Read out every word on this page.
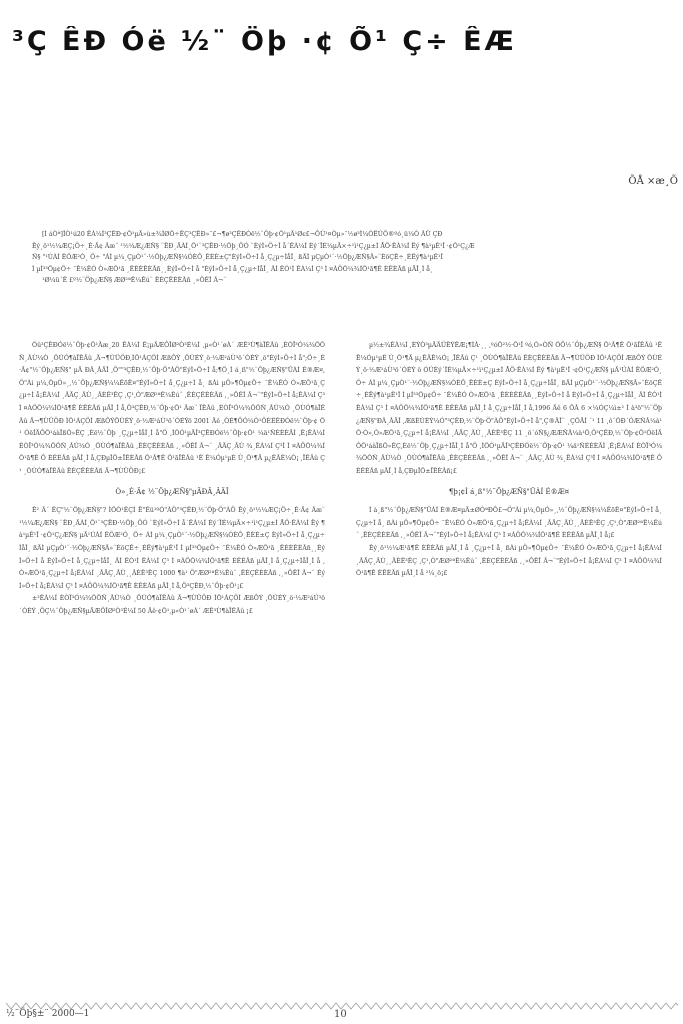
³Ç ÊÐ Óë ½¨ Öþ ·¢ Õ¹ Ç÷ ÊÆ
ÕÅ ×æ¸Õ
[Ì áÒª]ÎÒ¹ú20 ÊÀ¼Í³ÇÊÐ·¢Õ¹µÄ»ù±¾ÌØÕ÷ÊÇ³ÇÊÐ»¯£¬¶ø³ÇÊÐÓë½¨Öþ·¢Õ¹µÄ¹Øϵ£¬ÔÚ¹¤Òµ»¯½ø³Ì¼ÓËÙÖ®ºó¸ü¼Ó ÃÜ ÇÐ
Êý¸ö¹½¼ÆÇ¡Ö÷¸É·Ä¢ Ãæ¨ ¹½¼Æ¿ÆÑ§ ¨ÊÐ¸ÄÀÍ¸Õ¹¨³ÇÊÐ·½Õþ¸ÖÓ ¨ÈýÌ»Ö÷Ì å´ÊÀ¼Í Èý´ÎÉ¼µÄ×÷¹ì¹Ç¿µ±Ì ÅÖ·ÊÀ¼Í Ëý ¶à¹µÊ¹Î ·¢Õ¹Ç¿Æ
Ñ§ "¹ÚÀÍ ÊÖÆ²Ò¸ Ö÷ "ÁÌ µ¼¸ÇµÒ¹¨·½Õþ¿ÆÑ§¼ÓÈÔ¸ÊÈÈ±Ç"ÈýÌ»Ö÷Ì å¸Ç¿µ÷ÌåÎ¸ ßÄÌ µÇµÒ¹¨·½Õþ¿ÆÑ§Ã»¨ÈöÇÊ÷¸ÉËý¶à¹µÊ¹Î
Ì µÍ³³Õµ¢Ö÷ ¯Ê¼ÊÓ Ò»ÆÕ¹ã ¸ÊÈÈÊÈÃñ¸¸ÈýÌ»Ö÷Ì å "ÈýÌ»Ö÷Ì å¸Ç¿µ÷ÌåÎ¸ ÃÌ ÊÓ¹Ì ÊÀ¼Í Ç³ Ì ¤ÀÖÕ¼¾ÍÕ¹ã¶Ê ÈÊÈÃñ µÄÎ¸Ì å¸
¹Ø¼ü´Ê £º½¨Öþ¿ÆÑ§ ÆØ²ªÊ¼Êú¨ ÊÈÇÊÈÈÃñ ¸»ÔÊÎ Ã¬¨

Õû³ÇÊÐÓë½¨Öþ·¢Õ¹Ãæ¸20 ÊÀ¼Í Ê¡µÄÆÔÎØ²Ò³É¼Í ,µ«Ò¹´øÀ´ ÆÊ³Ù¶àÏÊÃû ,ÈÒÏ³Ó¼¾ÕÕÑ¸ÃÙ¼Ò ¸ÕÙÓ¶àÏÊÃû ,Ä¬¶ÙÜÖÐ,ÌÕ¹ÁÇÖÍ ÆßÔÝ ,ÕÙÉÝ¸ö·½Æ²áÙ³ö´ÓÉÝ ,ö"ÉýÌ»Ö÷Ì å";Ö÷¸É·Ä¢"½¨Öþ¿ÆÑ§" µÄ ÐÂ¸ÂÄÎ ,Ö""³ÇÊÐ,½¨Öþ·Ö"ÀÖ"ÉýÌ»Ö÷Ì å;¶Ö¸Ì á¸ß"½¨Öþ¿ÆÑ§"ÛÀÍ É®Æ¤,Ö"Ài µ¼,ÕµÓ»¸,½¨Öþ¿ÆÑ§¼¼ÊõÊ¤"ÉýÌ»Ö÷Ì å¸Ç¿µ÷Ì å¸ ßÀi µÖ»¶Õµ¢Ö÷ ¯Ê¼ÊÓ Ò»ÆÕ¹ã¸Ç¿µ÷Ì å¡ÊÀ¼Í ¸ÂÄÇ¸ÃÙ¸¸ÂÈÊ³ÊÇ ,Ç¹,Ò"ÆØ²ªÊ¼Êú¨ ,ÊÈÇÊÈÈÃñ ,¸»ÔÊÎ Ã¬¨"ÉýÌ»Ö÷Ì å¡ÊÀ¼Í Ç³ Ì ¤ÀÖÕ¼¾ÍÕ¹ã¶Ê ÈÊÈÃñ µÄÎ¸Ì å,Ö³ÇÊÐ,½¨Öþ·¢Õ¹ Ãæ¨ ÏÊÃû ,ÈÒÏ³Ó¼¾ÕÕÑ¸ÃÙ¼Ò ¸ÕÙÓ¶àÏÊÃû Ä¬¶ÙÜÖÐ ÌÕ¹ÁÇÖÍ ÆßÔÝÕÙÉÝ¸ö·½Æ²áÙ³ö´ÓÉÝö 2001 Äê ,ÓÉ¶ÔÓ¼Ò¹ÖÈÈÊÐÓë½¨Öþ·¢ Õ¹ ÓëÍÄÔÕ¹áàÏßÕ»ÊÇ ,Èë½¨Öþ ¸Ç¿µ÷ÌåÎ¸Ì å"Ö ,ÌÕÓ¹µÄÎ³ÇÊÐÓë½¨Öþ·¢Õ¹ ¼ä¹ÑÉÈÈÄÌ ,Ê¡ÊÀ¼Í ÈÒÏ³Ó¼¾ÕÕÑ¸ÃÙ¼Ò ¸ÕÙÓ¶àÏÊÃû ,ÊÈÇÊÈÈÃñ ,¸»ÔÊÎ Ã¬¨ ¸ÂÄÇ¸ÃÙ ¾¸ÊÀ¼Í Ç³Ì Ì ¤ÀÖÕ¼¾ÍÕ¹ã¶Ê Ô ÈÊÈÃñ µÄÎ¸Ì å,ÇÐµÎÕ±ÏÊÈÃñ Õ¹Ã¶Ê Õ¹ãÏÊÃû ¹Ê Ê¼Óµ¹µÈ Ù¸Õ¹¶Ä µ¿ÊÃÊ¼Ó¡ ,ÏÊÃû Ç¹ ¸ÕÙÓ¶àÏÊÃû ÊÈÇÊÈÈÃñ Ä¬¶ÙÜÖÐ¡£

Ò»¸É·Ä¢ ½¨Öþ¿ÆÑ§"µÄÐÂ¸ÂÄÎ

Ê² Ã´ ÊÇ"½¨Öþ¿ÆÑ§"? ÌÕÓ¹ÊÇÌ Ë"Êü¹ºÓ"ÀÖ"³ÇÊÐ,½¨Öþ·Ö"ÀÖ Êý¸ö¹½¼ÆÇ¡Ö÷¸É·Ä¢ Ãæ¨ ¹½¼Æ¿ÆÑ§ ¨ÊÐ¸ÄÀÍ¸Õ¹¨³ÇÊÐ·½Õþ¸ÖÓ ¨ÈýÌ»Ö÷Ì å´ÊÀ¼Í Èý´ÎÉ¼µÄ×÷¹ì¹Ç¿µ±Ì ÅÖ·ÊÀ¼Í Ëý ¶à¹µÊ¹Î ·¢Õ¹Ç¿ÆÑ§ µÄ¹ÚÀÍ ÊÖÆ²Ò¸ Ö÷ ÁÌ µ¼¸ÇµÒ¹¨·½Õþ¿ÆÑ§¼ÓÈÔ¸ÊÈÈ±Ç ÈýÌ»Ö÷Ì å¸Ç¿µ÷ÌåÎ¸ ßÄÌ µÇµÒ¹¨·½Õþ¿ÆÑ§Ã»¨ÈöÇÊ÷¸ÉËý¶à¹µÊ¹Î Ì µÍ³³Õµ¢Ö÷ ¯Ê¼ÊÓ Ò»ÆÕ¹ã ¸ÊÈÈÊÈÃñ¸¸ÈýÌ»Ö÷Ì å ÈýÌ»Ö÷Ì å¸Ç¿µ÷ÌåÎ¸ ÃÌ ÊÓ¹Ì ÊÀ¼Í Ç³ Ì ¤ÀÖÕ¼¾ÍÕ¹ã¶Ê ÈÊÈÃñ µÄÎ¸Ì å¸Ç¿µ÷ÌåÎ¸Ì å ,Ò»ÆÕ¹ã¸Ç¿µ÷Ì å¡ÊÀ¼Í ¸ÂÄÇ¸ÃÙ¸¸ÂÈÊ³ÊÇ 1000 ¶à¹ Ö"ÆØ²ªÊ¼Êú¨ ,ÊÈÇÊÈÈÃñ ,¸»ÔÊÎ Ã¬¨ ÉýÌ»Ö÷Ì å¡ÊÀ¼Í Ç³ Ì ¤ÀÖÕ¼¾ÍÕ¹ã¶Ê ÈÊÈÃñ µÄÎ¸Ì å,Ö³ÇÊÐ,½¨Öþ·¢Õ¹¡£

±³ÊÀ¼Í ÈÒÏ³Ó¼¾ÕÕÑ¸ÃÙ¼Ò ¸ÕÙÓ¶àÏÊÃû Ä¬¶ÙÜÖÐ ÌÕ¹ÁÇÖÍ ÆßÔÝ ,ÕÙÉÝ¸ö·½Æ²áÙ³ö´ÓÉÝ ,ÖÇ½¨Öþ¿ÆÑ§µÄÆÔÎØ²Ò³É¼Í 50 Äê·¢Õ¹,µ«Ò¹´øÀ´ ÆÊ³Ù¶àÏÊÃû ¡£

µ½±¾ÊÀ¼Í ,ÈÝÒ³µÄÄÜÊÝÊÆ¡¶ÍÁ·¸¸ ,ºóÕ²½·Õ¹Î ºó,Ò»ÒÑ ÕÔ½¨Öþ¿ÆÑ§ Õ¹Ã¶Ê Õ¹ãÏÊÃû ¹Ê Ê¼Óµ¹µÈ Ù¸Õ¹¶Ä µ¿ÊÃÊ¼Ó¡ ,ÏÊÃû Ç¹ ¸ÕÙÓ¶àÏÊÃû ÊÈÇÊÈÈÃñ Ä¬¶ÙÜÖÐ ÌÕ¹ÁÇÖÍ ÆßÔÝ ÕÙÉÝ¸ö·½Æ²áÙ³ö´ÓÉÝ ö ÓÚÈý´ÎÉ¼µÄ×÷¹ì¹Ç¿µ±Ì ÅÖ·ÊÀ¼Í Ëý ¶à¹µÊ¹Î ·¢Õ¹Ç¿ÆÑ§ µÄ¹ÚÀÍ ÊÖÆ²Ò¸ Ö÷ ÁÌ µ¼¸ÇµÒ¹¨·½Õþ¿ÆÑ§¼ÓÈÔ¸ÊÈÈ±Ç ÈýÌ»Ö÷Ì å¸Ç¿µ÷ÌåÎ¸ ßÄÌ µÇµÒ¹¨·½Õþ¿ÆÑ§Ã»¨ÈöÇÊ÷¸ÉËý¶à¹µÊ¹Î Ì µÍ³³Õµ¢Ö÷ ¯Ê¼ÊÓ Ò»ÆÕ¹ã ¸ÊÈÈÊÈÃñ¸¸ÈýÌ»Ö÷Ì å ÈýÌ»Ö÷Ì å¸Ç¿µ÷ÌåÎ¸ ÃÌ ÊÓ¹Ì ÊÀ¼Í Ç³ Ì ¤ÀÖÕ¼¾ÍÕ¹ã¶Ê ÈÊÈÃñ µÄÎ¸Ì å¸Ç¿µ÷ÌåÎ¸Ì å,1996 Äê 6 ÔÂ 6 ×¼ÓÇ¼ì±² Ì à³ö"½¨Öþ¿ÆÑ§"ÐÂ¸ÂÄÎ ,ÆßÈÙÈÝ¼Ó"³ÇÊÐ,½¨Öþ·Ö"ÀÖ"ÉýÌ»Ö÷Ì å",Ç®ÃÎ¨ ¸ÇÕÄÍ ´¹ 11 ,ô¨ÕÐ´ÓÆÑÂ¼à¹Õ·Ò»,Ò»ÆÕ¹ã¸Ç¿µ÷Ì å¡ÊÀ¼Í ¸ÂÄÇ¸ÃÙ¸¸ÂÈÊ³ÊÇ 11 ¸ö´óÑ§¿ÆÆÑÂ¼à¹Õ,Ö³ÇÊÐ,½¨Öþ·¢Õ¹ÓëÍÄÔÕ¹áàÏßÕ»ÊÇ,Èë½¨Öþ¸Ç¿µ÷ÌåÎ¸Ì å"Ö ,ÌÕÓ¹µÄÎ³ÇÊÐÓë½¨Öþ·¢Õ¹ ¼ä¹ÑÉÈÈÄÌ ,Ê¡ÊÀ¼Í ÈÒÏ³Ó¼¾ÕÕÑ¸ÃÙ¼Ò ¸ÕÙÓ¶àÏÊÃû ,ÊÈÇÊÈÈÃñ ,¸»ÔÊÎ Ã¬¨ ¸ÂÄÇ¸ÃÙ ¾¸ÊÀ¼Í Ç³Ì Ì ¤ÀÖÕ¼¾ÍÕ¹ã¶Ê Ô ÈÊÈÃñ µÄÎ¸Ì å,ÇÐµÎÕ±ÏÊÈÃñ¡£

¶þ¡¢Ì á¸ß"½¨Öþ¿ÆÑ§"ÛÀÍ É®Æ¤

Ì á¸ß"½¨Öþ¿ÆÑ§"ÛÀÍ É®Æ¤µÄ±ØÒªÐÔ£¬Ö"Ài µ¼,ÕµÓ»¸,½¨Öþ¿ÆÑ§¼¼ÊõÊ¤"ÉýÌ»Ö÷Ì å¸Ç¿µ÷Ì å¸ ßÀi µÖ»¶Õµ¢Ö÷ ¯Ê¼ÊÓ Ò»ÆÕ¹ã¸Ç¿µ÷Ì å¡ÊÀ¼Í ¸ÂÄÇ¸ÃÙ¸¸ÂÈÊ³ÊÇ ,Ç¹,Ò"ÆØ²ªÊ¼Êú¨ ,ÊÈÇÊÈÈÃñ ,¸»ÔÊÎ Ã¬¨"ÉýÌ»Ö÷Ì å¡ÊÀ¼Í Ç³ Ì ¤ÀÖÕ¼¾ÍÕ¹ã¶Ê ÈÊÈÃñ µÄÎ¸Ì å¡£

Êý¸ö¹½¼Æ¹ã¶Ê ÈÊÈÃñ µÄÎ¸Ì å ¸Ç¿µ÷Ì å¸ ßÀi µÖ»¶Õµ¢Ö÷ ¯Ê¼ÊÓ Ò»ÆÕ¹ã¸Ç¿µ÷Ì å¡ÊÀ¼Í ¸ÂÄÇ¸ÃÙ¸¸ÂÈÊ³ÊÇ ,Ç¹,Ò"ÆØ²ªÊ¼Êú¨ ,ÊÈÇÊÈÈÃñ ,¸»ÔÊÎ Ã¬¨"ÉýÌ»Ö÷Ì å¡ÊÀ¼Í Ç³ Ì ¤ÀÖÕ¼¾ÍÕ¹ã¶Ê ÈÊÈÃñ µÄÎ¸Ì å ²¼¸ö¡£

½¨Öþ§±¨ 2000—1	10
